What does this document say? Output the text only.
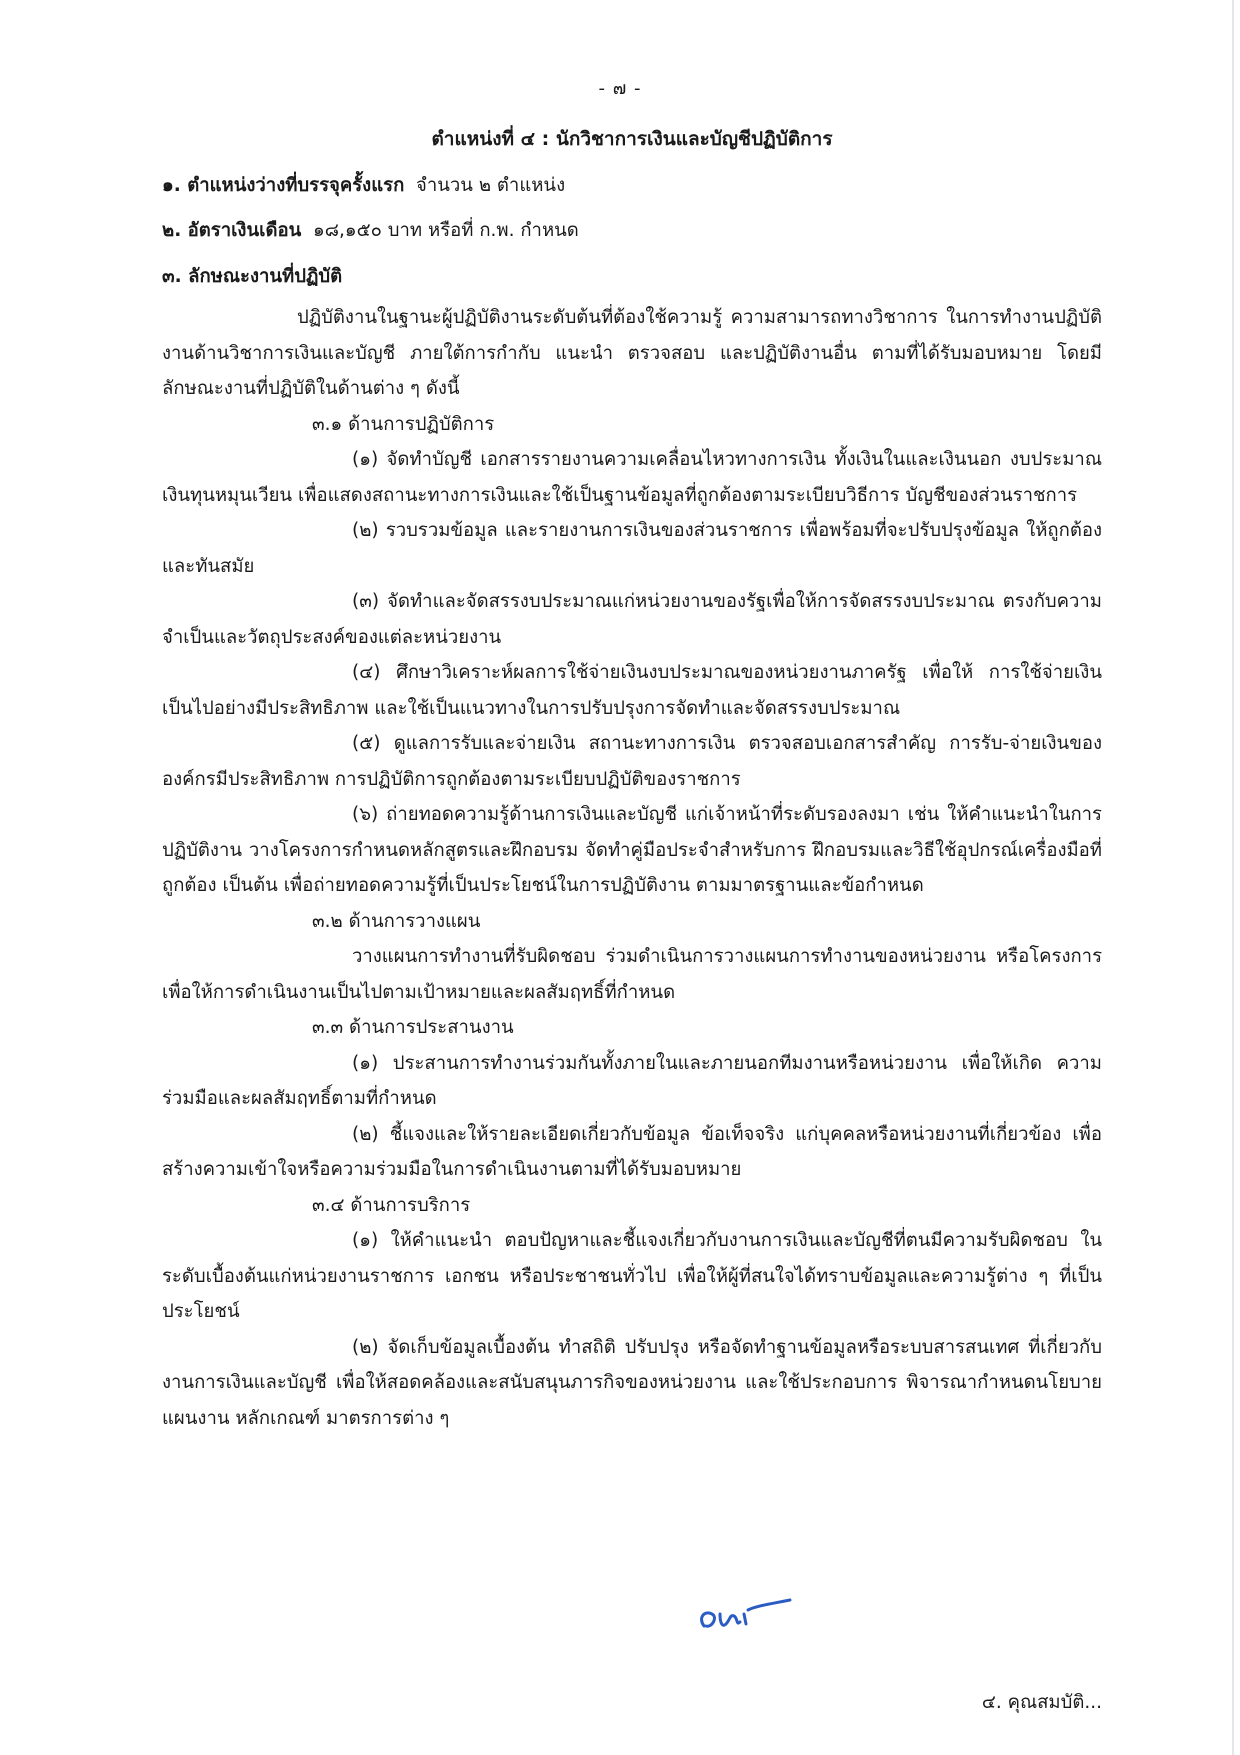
- ๗ -
ตำแหน่งที่ ๔ : นักวิชาการเงินและบัญชีปฏิบัติการ
๑. ตำแหน่งว่างที่บรรจุครั้งแรก จำนวน ๒ ตำแหน่ง
๒. อัตราเงินเดือน ๑๘,๑๕๐ บาท หรือที่ ก.พ. กำหนด
๓. ลักษณะงานที่ปฏิบัติ

ปฏิบัติงานในฐานะผู้ปฏิบัติงานระดับต้นที่ต้องใช้ความรู้ ความสามารถทางวิชาการ ในการทำงานปฏิบัติงานด้านวิชาการเงินและบัญชี ภายใต้การกำกับ แนะนำ ตรวจสอบ และปฏิบัติงานอื่น ตามที่ได้รับมอบหมาย โดยมีลักษณะงานที่ปฏิบัติในด้านต่าง ๆ ดังนี้

๓.๑ ด้านการปฏิบัติการ

(๑) จัดทำบัญชี เอกสารรายงานความเคลื่อนไหวทางการเงิน ทั้งเงินในและเงินนอก งบประมาณ เงินทุนหมุนเวียน เพื่อแสดงสถานะทางการเงินและใช้เป็นฐานข้อมูลที่ถูกต้องตามระเบียบวิธีการ บัญชีของส่วนราชการ

(๒) รวบรวมข้อมูล และรายงานการเงินของส่วนราชการ เพื่อพร้อมที่จะปรับปรุงข้อมูล ให้ถูกต้องและทันสมัย

(๓) จัดทำและจัดสรรงบประมาณแก่หน่วยงานของรัฐเพื่อให้การจัดสรรงบประมาณ ตรงกับความจำเป็นและวัตถุประสงค์ของแต่ละหน่วยงาน

(๔) ศึกษาวิเคราะห์ผลการใช้จ่ายเงินงบประมาณของหน่วยงานภาครัฐ เพื่อให้ การใช้จ่ายเงินเป็นไปอย่างมีประสิทธิภาพ และใช้เป็นแนวทางในการปรับปรุงการจัดทำและจัดสรรงบประมาณ

(๕) ดูแลการรับและจ่ายเงิน สถานะทางการเงิน ตรวจสอบเอกสารสำคัญ การรับ-จ่ายเงินขององค์กรมีประสิทธิภาพ การปฏิบัติการถูกต้องตามระเบียบปฏิบัติของราชการ

(๖) ถ่ายทอดความรู้ด้านการเงินและบัญชี แก่เจ้าหน้าที่ระดับรองลงมา เช่น ให้คำแนะนำในการปฏิบัติงาน วางโครงการกำหนดหลักสูตรและฝึกอบรม จัดทำคู่มือประจำสำหรับการ ฝึกอบรมและวิธีใช้อุปกรณ์เครื่องมือที่ถูกต้อง เป็นต้น เพื่อถ่ายทอดความรู้ที่เป็นประโยชน์ในการปฏิบัติงาน ตามมาตรฐานและข้อกำหนด

๓.๒ ด้านการวางแผน

วางแผนการทำงานที่รับผิดชอบ ร่วมดำเนินการวางแผนการทำงานของหน่วยงาน หรือโครงการ เพื่อให้การดำเนินงานเป็นไปตามเป้าหมายและผลสัมฤทธิ์ที่กำหนด

๓.๓ ด้านการประสานงาน

(๑) ประสานการทำงานร่วมกันทั้งภายในและภายนอกทีมงานหรือหน่วยงาน เพื่อให้เกิด ความร่วมมือและผลสัมฤทธิ์ตามที่กำหนด

(๒) ชี้แจงและให้รายละเอียดเกี่ยวกับข้อมูล ข้อเท็จจริง แก่บุคคลหรือหน่วยงานที่เกี่ยวข้อง เพื่อสร้างความเข้าใจหรือความร่วมมือในการดำเนินงานตามที่ได้รับมอบหมาย

๓.๔ ด้านการบริการ

(๑) ให้คำแนะนำ ตอบปัญหาและชี้แจงเกี่ยวกับงานการเงินและบัญชีที่ตนมีความรับผิดชอบ ในระดับเบื้องต้นแก่หน่วยงานราชการ เอกชน หรือประชาชนทั่วไป เพื่อให้ผู้ที่สนใจได้ทราบข้อมูลและความรู้ต่าง ๆ ที่เป็นประโยชน์

(๒) จัดเก็บข้อมูลเบื้องต้น ทำสถิติ ปรับปรุง หรือจัดทำฐานข้อมูลหรือระบบสารสนเทศ ที่เกี่ยวกับงานการเงินและบัญชี เพื่อให้สอดคล้องและสนับสนุนภารกิจของหน่วยงาน และใช้ประกอบการ พิจารณากำหนดนโยบาย แผนงาน หลักเกณฑ์ มาตรการต่าง ๆ

๔. คุณสมบัติ...
